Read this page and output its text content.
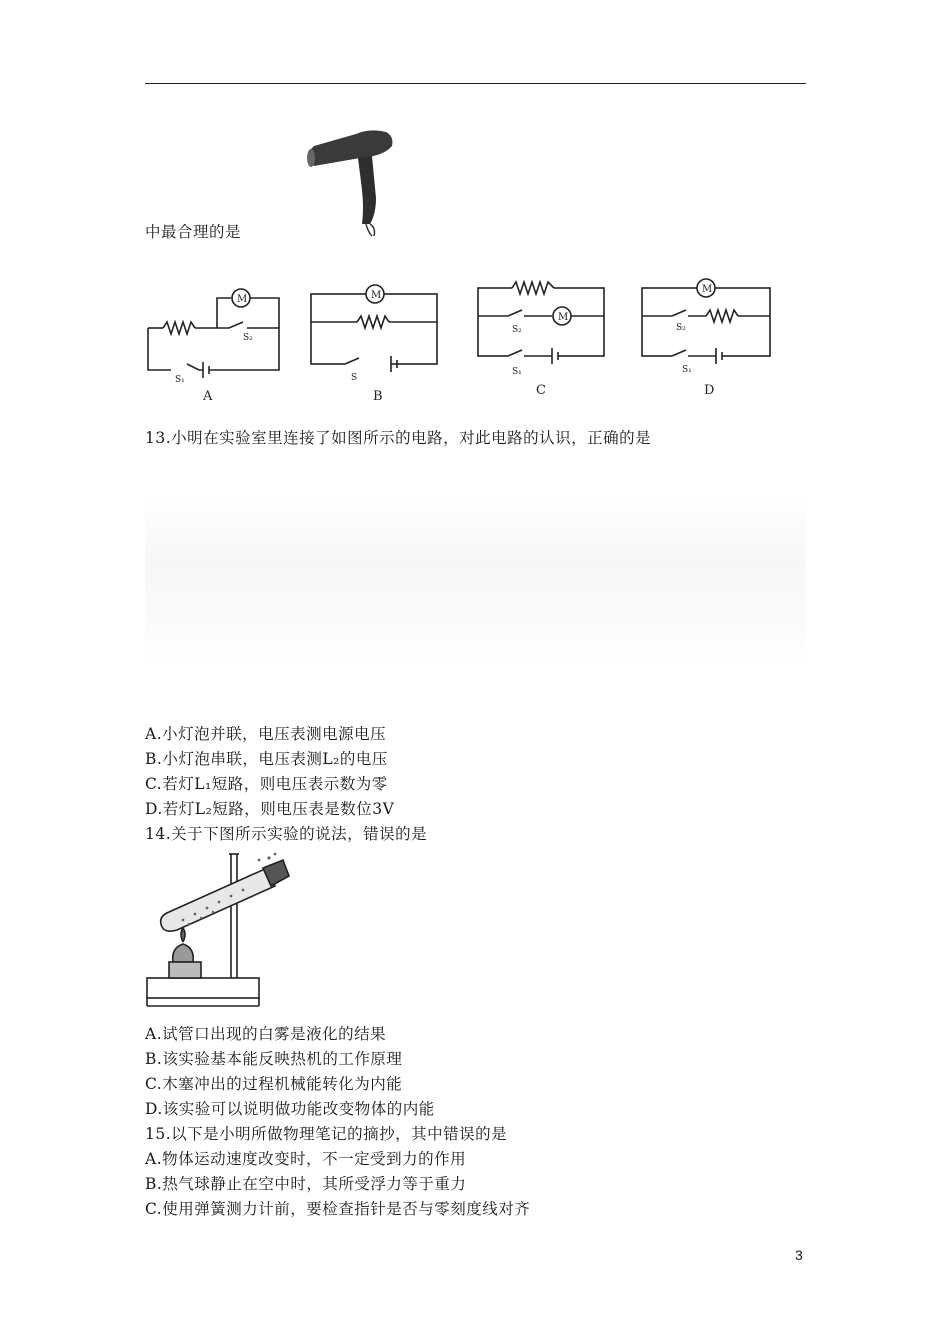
中最合理的是
M
S₂
S₁
A
M
S
B
M
S₂
S₁
C
M
S₂
S₁
D
13.小明在实验室里连接了如图所示的电路，对此电路的认识，正确的是
A.小灯泡并联，电压表测电源电压
B.小灯泡串联，电压表测L₂的电压
C.若灯L₁短路，则电压表示数为零
D.若灯L₂短路，则电压表是数位3V
14.关于下图所示实验的说法，错误的是
A.试管口出现的白雾是液化的结果
B.该实验基本能反映热机的工作原理
C.木塞冲出的过程机械能转化为内能
D.该实验可以说明做功能改变物体的内能
15.以下是小明所做物理笔记的摘抄，其中错误的是
A.物体运动速度改变时，不一定受到力的作用
B.热气球静止在空中时，其所受浮力等于重力
C.使用弹簧测力计前，要检查指针是否与零刻度线对齐
3
